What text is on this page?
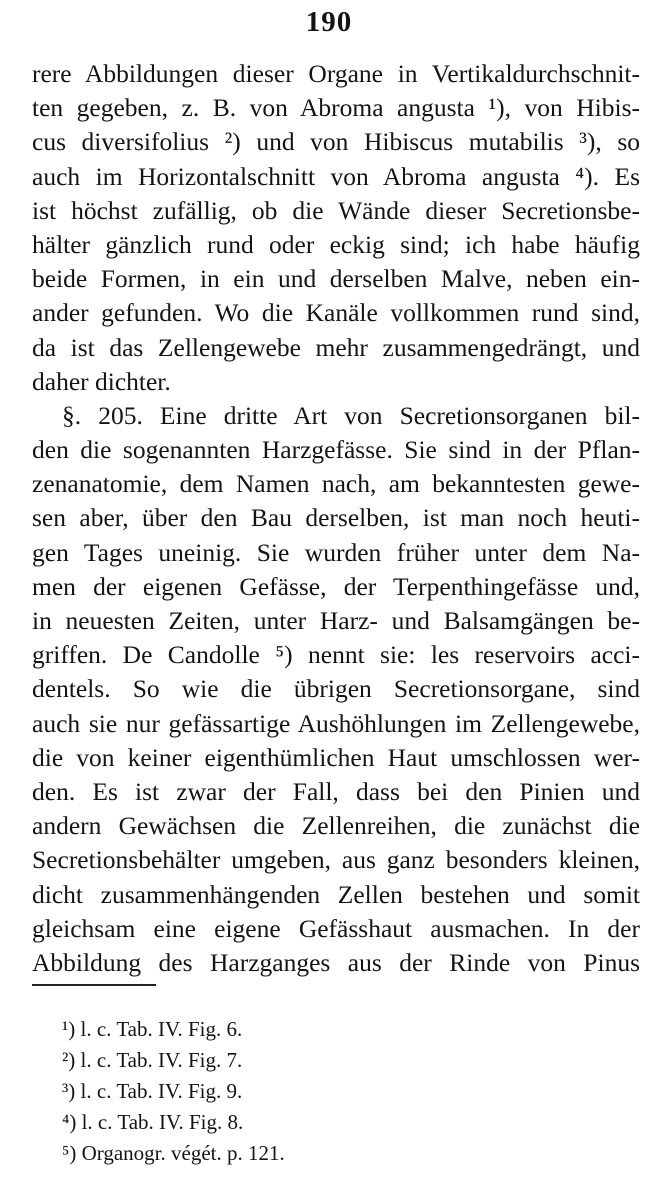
190
rere Abbildungen dieser Organe in Vertikaldurchschnit-
ten gegeben, z. B. von Abroma angusta ¹), von Hibis-
cus diversifolius ²) und von Hibiscus mutabilis ³), so
auch im Horizontalschnitt von Abroma angusta ⁴). Es
ist höchst zufällig, ob die Wände dieser Secretionsbe-
hälter gänzlich rund oder eckig sind; ich habe häufig
beide Formen, in ein und derselben Malve, neben ein-
ander gefunden. Wo die Kanäle vollkommen rund sind,
da ist das Zellengewebe mehr zusammengedrängt, und
daher dichter.
§. 205. Eine dritte Art von Secretionsorganen bil-
den die sogenannten Harzgefässe. Sie sind in der Pflan-
zenanatomie, dem Namen nach, am bekanntesten gewe-
sen aber, über den Bau derselben, ist man noch heuti-
gen Tages uneinig. Sie wurden früher unter dem Na-
men der eigenen Gefässe, der Terpenthingefässe und,
in neuesten Zeiten, unter Harz- und Balsamgängen be-
griffen. De Candolle ⁵) nennt sie: les reservoirs acci-
dentels. So wie die übrigen Secretionsorgane, sind
auch sie nur gefässartige Aushöhlungen im Zellengewebe,
die von keiner eigenthümlichen Haut umschlossen wer-
den. Es ist zwar der Fall, dass bei den Pinien und
andern Gewächsen die Zellenreihen, die zunächst die
Secretionsbehälter umgeben, aus ganz besonders kleinen,
dicht zusammenhängenden Zellen bestehen und somit
gleichsam eine eigene Gefässhaut ausmachen. In der
Abbildung des Harzganges aus der Rinde von Pinus
¹) l. c. Tab. IV. Fig. 6.
²) l. c. Tab. IV. Fig. 7.
³) l. c. Tab. IV. Fig. 9.
⁴) l. c. Tab. IV. Fig. 8.
⁵) Organogr. végét. p. 121.
